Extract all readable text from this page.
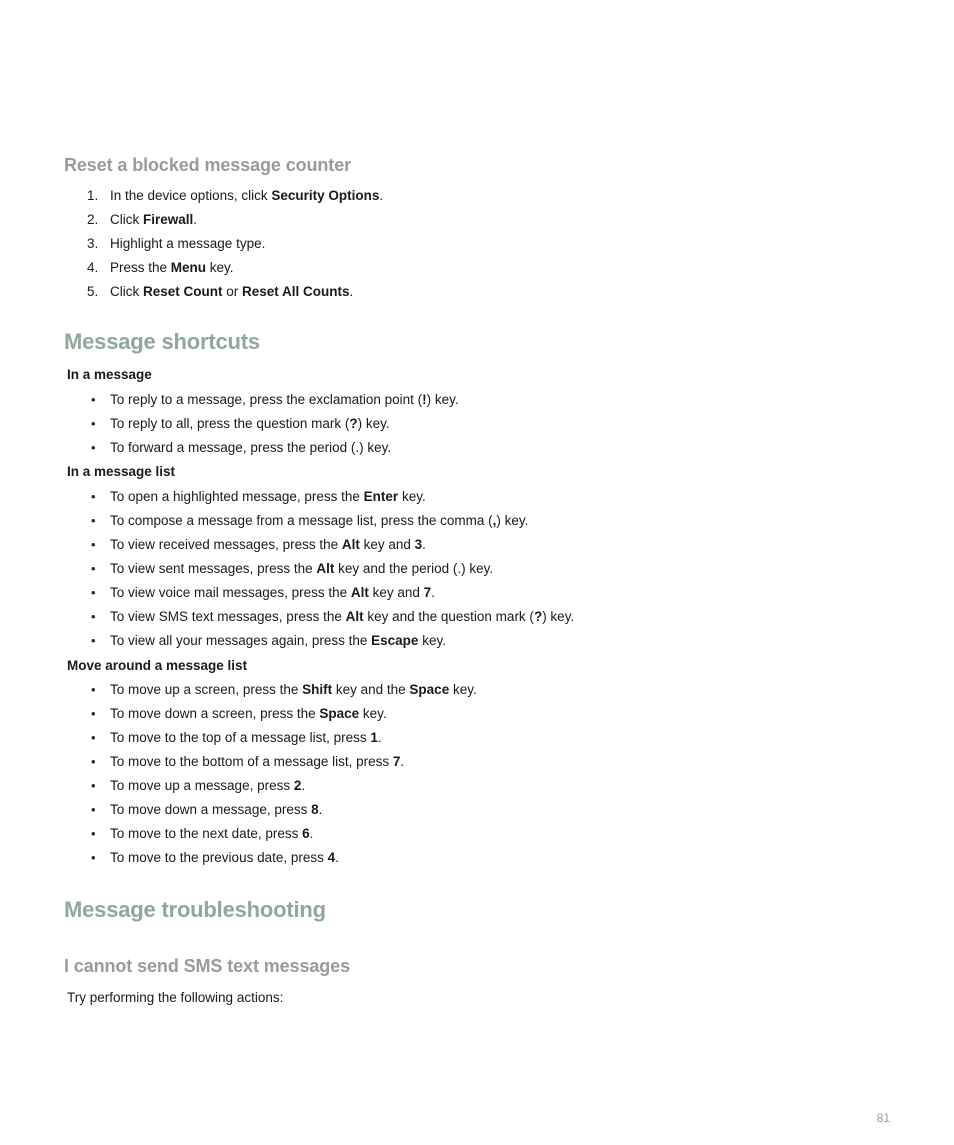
Reset a blocked message counter
1. In the device options, click Security Options.
2. Click Firewall.
3. Highlight a message type.
4. Press the Menu key.
5. Click Reset Count or Reset All Counts.
Message shortcuts
In a message
• To reply to a message, press the exclamation point (!) key.
• To reply to all, press the question mark (?) key.
• To forward a message, press the period (.) key.
In a message list
• To open a highlighted message, press the Enter key.
• To compose a message from a message list, press the comma (,) key.
• To view received messages, press the Alt key and 3.
• To view sent messages, press the Alt key and the period (.) key.
• To view voice mail messages, press the Alt key and 7.
• To view SMS text messages, press the Alt key and the question mark (?) key.
• To view all your messages again, press the Escape key.
Move around a message list
• To move up a screen, press the Shift key and the Space key.
• To move down a screen, press the Space key.
• To move to the top of a message list, press 1.
• To move to the bottom of a message list, press 7.
• To move up a message, press 2.
• To move down a message, press 8.
• To move to the next date, press 6.
• To move to the previous date, press 4.
Message troubleshooting
I cannot send SMS text messages

Try performing the following actions:

81
